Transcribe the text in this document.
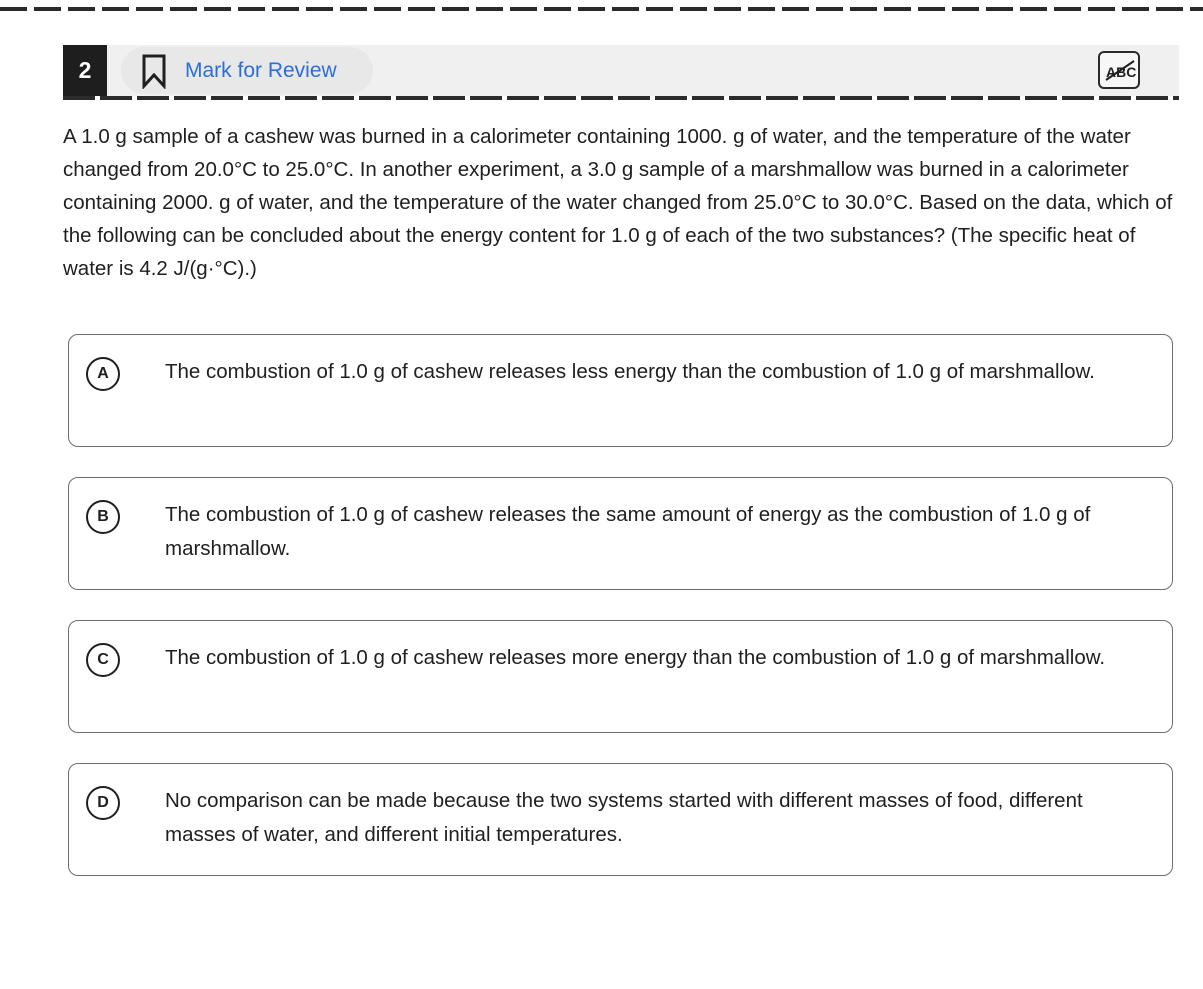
2	Mark for Review	ABC
A 1.0 g sample of a cashew was burned in a calorimeter containing 1000. g of water, and the temperature of the water changed from 20.0°C to 25.0°C. In another experiment, a 3.0 g sample of a marshmallow was burned in a calorimeter containing 2000. g of water, and the temperature of the water changed from 25.0°C to 30.0°C. Based on the data, which of the following can be concluded about the energy content for 1.0 g of each of the two substances? (The specific heat of water is 4.2 J/(g·°C).)
A	The combustion of 1.0 g of cashew releases less energy than the combustion of 1.0 g of marshmallow.
B	The combustion of 1.0 g of cashew releases the same amount of energy as the combustion of 1.0 g of marshmallow.
C	The combustion of 1.0 g of cashew releases more energy than the combustion of 1.0 g of marshmallow.
D	No comparison can be made because the two systems started with different masses of food, different masses of water, and different initial temperatures.
